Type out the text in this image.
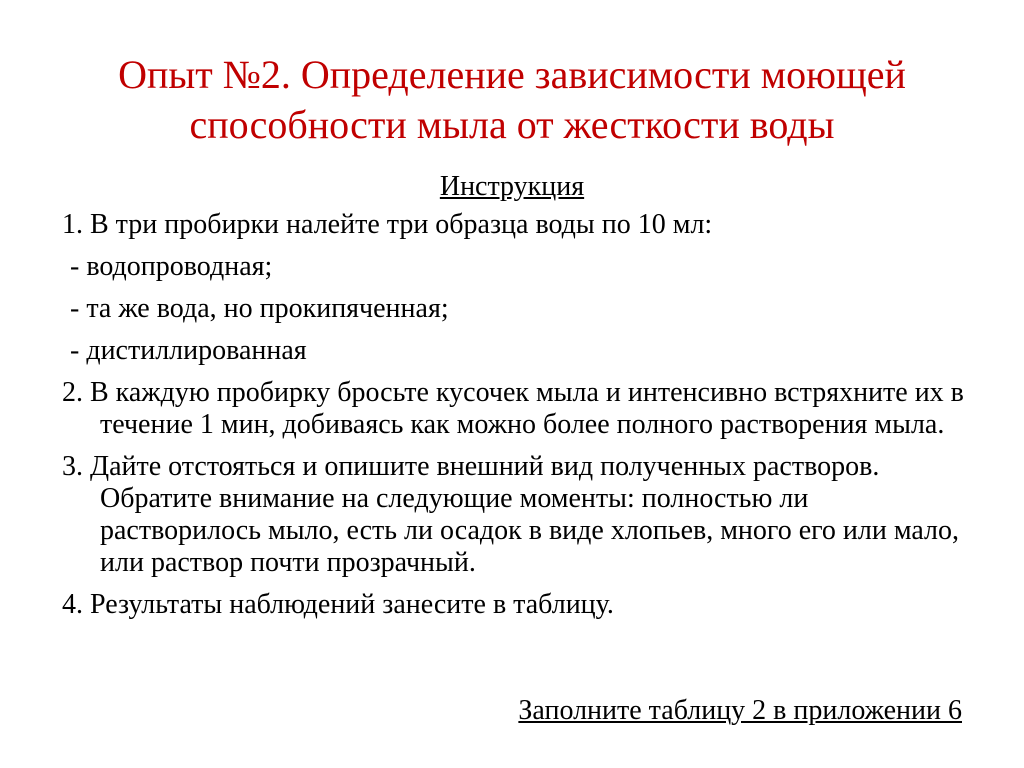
Опыт №2. Определение зависимости моющей
способности мыла от жесткости воды
Инструкция
1. В три пробирки налейте три образца воды по 10 мл:
- водопроводная;
- та же вода, но прокипяченная;
- дистиллированная
2. В каждую пробирку бросьте кусочек мыла и интенсивно встряхните их в течение 1 мин, добиваясь как можно более полного растворения мыла.
3. Дайте отстояться и опишите внешний вид полученных растворов. Обратите внимание на следующие моменты: полностью ли растворилось мыло, есть ли осадок в виде хлопьев, много его или мало, или раствор почти прозрачный.
4. Результаты наблюдений занесите в таблицу.
Заполните таблицу 2 в приложении 6
